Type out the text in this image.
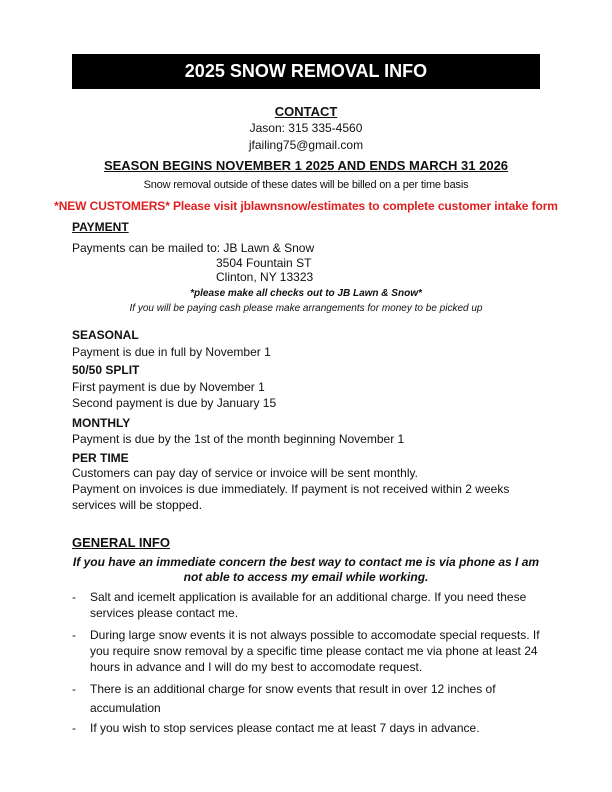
2025 SNOW REMOVAL INFO
CONTACT
Jason: 315 335-4560
jfailing75@gmail.com
SEASON BEGINS NOVEMBER 1 2025 AND ENDS MARCH 31 2026
Snow removal outside of these dates will be billed on a per time basis
*NEW CUSTOMERS* Please visit jblawnsnow/estimates to complete customer intake form
PAYMENT
Payments can be mailed to: JB Lawn & Snow
3504 Fountain ST
Clinton, NY 13323
*please make all checks out to JB Lawn & Snow*
If you will be paying cash please make arrangements for money to be picked up
SEASONAL
Payment is due in full by November 1
50/50 SPLIT
First payment is due by November 1
Second payment is due by January 15
MONTHLY
Payment is due by the 1st of the month beginning November 1
PER TIME
Customers can pay day of service or invoice will be sent monthly.
Payment on invoices is due immediately. If payment is not received within 2 weeks
services will be stopped.
GENERAL INFO
If you have an immediate concern the best way to contact me is via phone as I am not able to access my email while working.
- Salt and icemelt application is available for an additional charge. If you need these services please contact me.
- During large snow events it is not always possible to accomodate special requests. If you require snow removal by a specific time please contact me via phone at least 24 hours in advance and I will do my best to accomodate request.
- There is an additional charge for snow events that result in over 12 inches of accumulation
- If you wish to stop services please contact me at least 7 days in advance.
